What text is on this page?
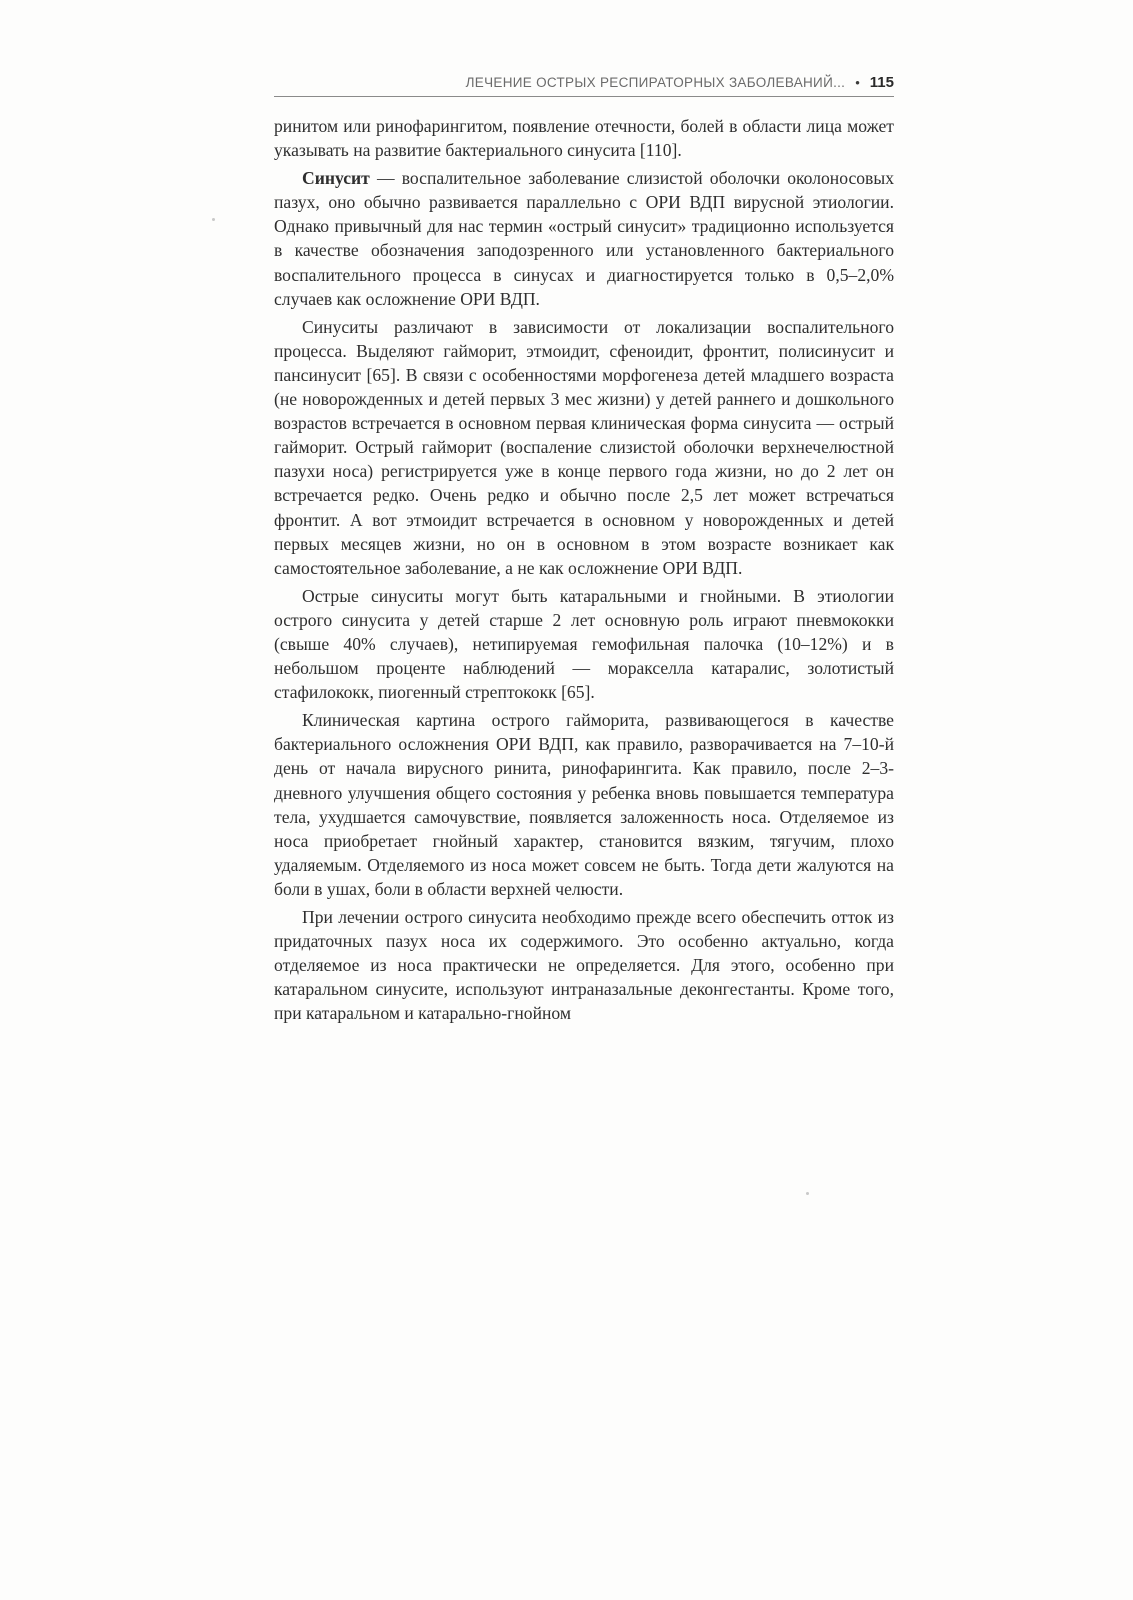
ЛЕЧЕНИЕ ОСТРЫХ РЕСПИРАТОРНЫХ ЗАБОЛЕВАНИЙ... • 115

ринитом или ринофарингитом, появление отечности, болей в области лица может указывать на развитие бактериального синусита [110].

Синусит — воспалительное заболевание слизистой оболочки околоносовых пазух, оно обычно развивается параллельно с ОРИ ВДП вирусной этиологии. Однако привычный для нас термин «острый синусит» традиционно используется в качестве обозначения заподозренного или установленного бактериального воспалительного процесса в синусах и диагностируется только в 0,5–2,0% случаев как осложнение ОРИ ВДП.

Синуситы различают в зависимости от локализации воспалительного процесса. Выделяют гайморит, этмоидит, сфеноидит, фронтит, полисинусит и пансинусит [65]. В связи с особенностями морфогенеза детей младшего возраста (не новорожденных и детей первых 3 мес жизни) у детей раннего и дошкольного возрастов встречается в основном первая клиническая форма синусита — острый гайморит. Острый гайморит (воспаление слизистой оболочки верхнечелюстной пазухи носа) регистрируется уже в конце первого года жизни, но до 2 лет он встречается редко. Очень редко и обычно после 2,5 лет может встречаться фронтит. А вот этмоидит встречается в основном у новорожденных и детей первых месяцев жизни, но он в основном в этом возрасте возникает как самостоятельное заболевание, а не как осложнение ОРИ ВДП.

Острые синуситы могут быть катаральными и гнойными. В этиологии острого синусита у детей старше 2 лет основную роль играют пневмококки (свыше 40% случаев), нетипируемая гемофильная палочка (10–12%) и в небольшом проценте наблюдений — моракселла катаралис, золотистый стафилококк, пиогенный стрептококк [65].

Клиническая картина острого гайморита, развивающегося в качестве бактериального осложнения ОРИ ВДП, как правило, разворачивается на 7–10-й день от начала вирусного ринита, ринофарингита. Как правило, после 2–3-дневного улучшения общего состояния у ребенка вновь повышается температура тела, ухудшается самочувствие, появляется заложенность носа. Отделяемое из носа приобретает гнойный характер, становится вязким, тягучим, плохо удаляемым. Отделяемого из носа может совсем не быть. Тогда дети жалуются на боли в ушах, боли в области верхней челюсти.

При лечении острого синусита необходимо прежде всего обеспечить отток из придаточных пазух носа их содержимого. Это особенно актуально, когда отделяемое из носа практически не определяется. Для этого, особенно при катаральном синусите, используют интраназальные деконгестанты. Кроме того, при катаральном и катарально-гнойном
